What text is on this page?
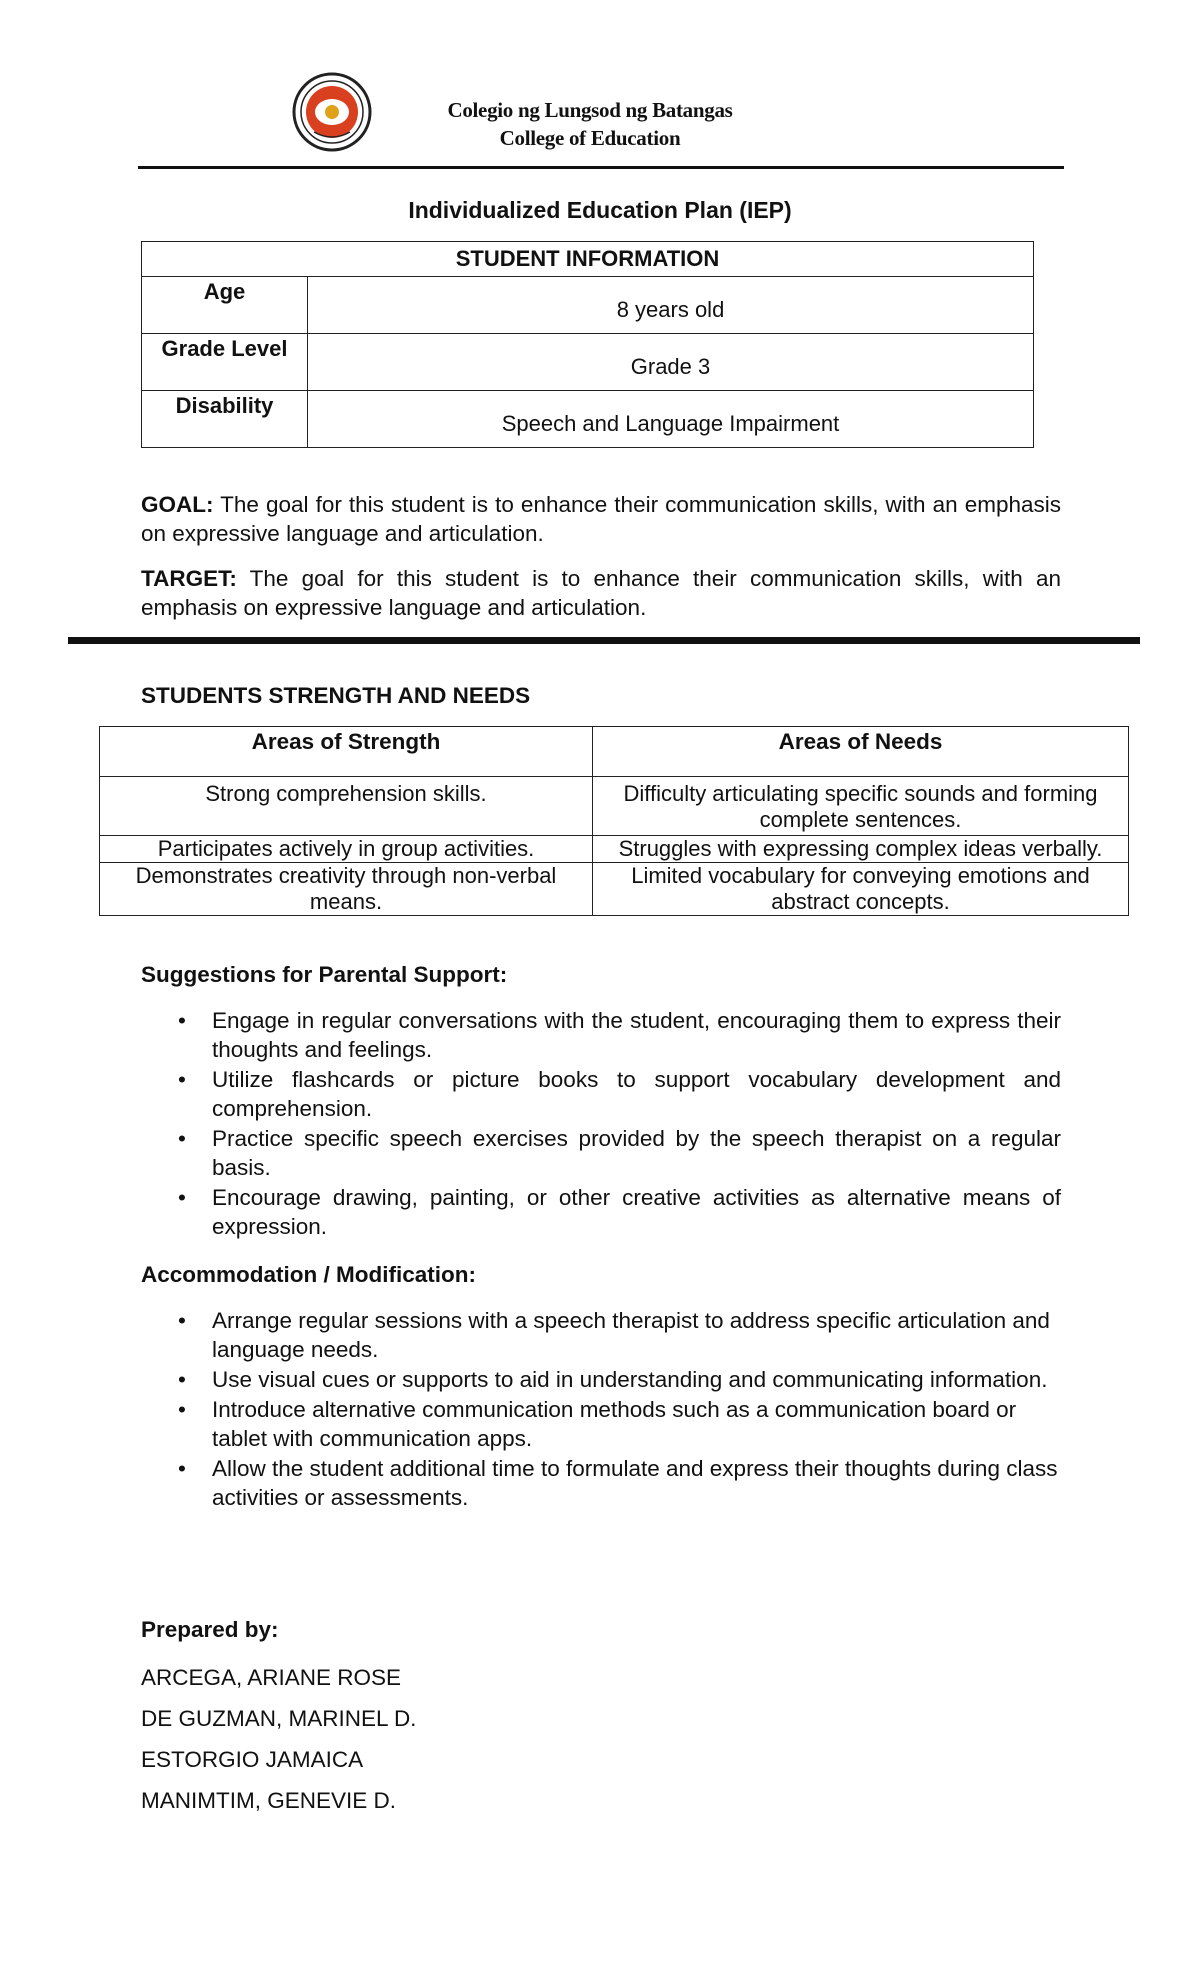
Colegio ng Lungsod ng Batangas
College of Education
Individualized Education Plan (IEP)
STUDENT INFORMATION	
Age	8 years old
Grade Level	Grade 3
Disability	Speech and Language Impairment
GOAL: The goal for this student is to enhance their communication skills, with an emphasis on expressive language and articulation.
TARGET: The goal for this student is to enhance their communication skills, with an emphasis on expressive language and articulation.
STUDENTS STRENGTH AND NEEDS
Areas of Strength	Areas of Needs
Strong comprehension skills.	Difficulty articulating specific sounds and forming complete sentences.
Participates actively in group activities.	Struggles with expressing complex ideas verbally.
Demonstrates creativity through non-verbal means.	Limited vocabulary for conveying emotions and abstract concepts.
Suggestions for Parental Support:
• Engage in regular conversations with the student, encouraging them to express their thoughts and feelings.
• Utilize flashcards or picture books to support vocabulary development and comprehension.
• Practice specific speech exercises provided by the speech therapist on a regular basis.
• Encourage drawing, painting, or other creative activities as alternative means of expression.
Accommodation / Modification:
• Arrange regular sessions with a speech therapist to address specific articulation and language needs.
• Use visual cues or supports to aid in understanding and communicating information.
• Introduce alternative communication methods such as a communication board or tablet with communication apps.
• Allow the student additional time to formulate and express their thoughts during class activities or assessments.
Prepared by:
ARCEGA, ARIANE ROSE
DE GUZMAN, MARINEL D.
ESTORGIO JAMAICA
MANIMTIM, GENEVIE D.
